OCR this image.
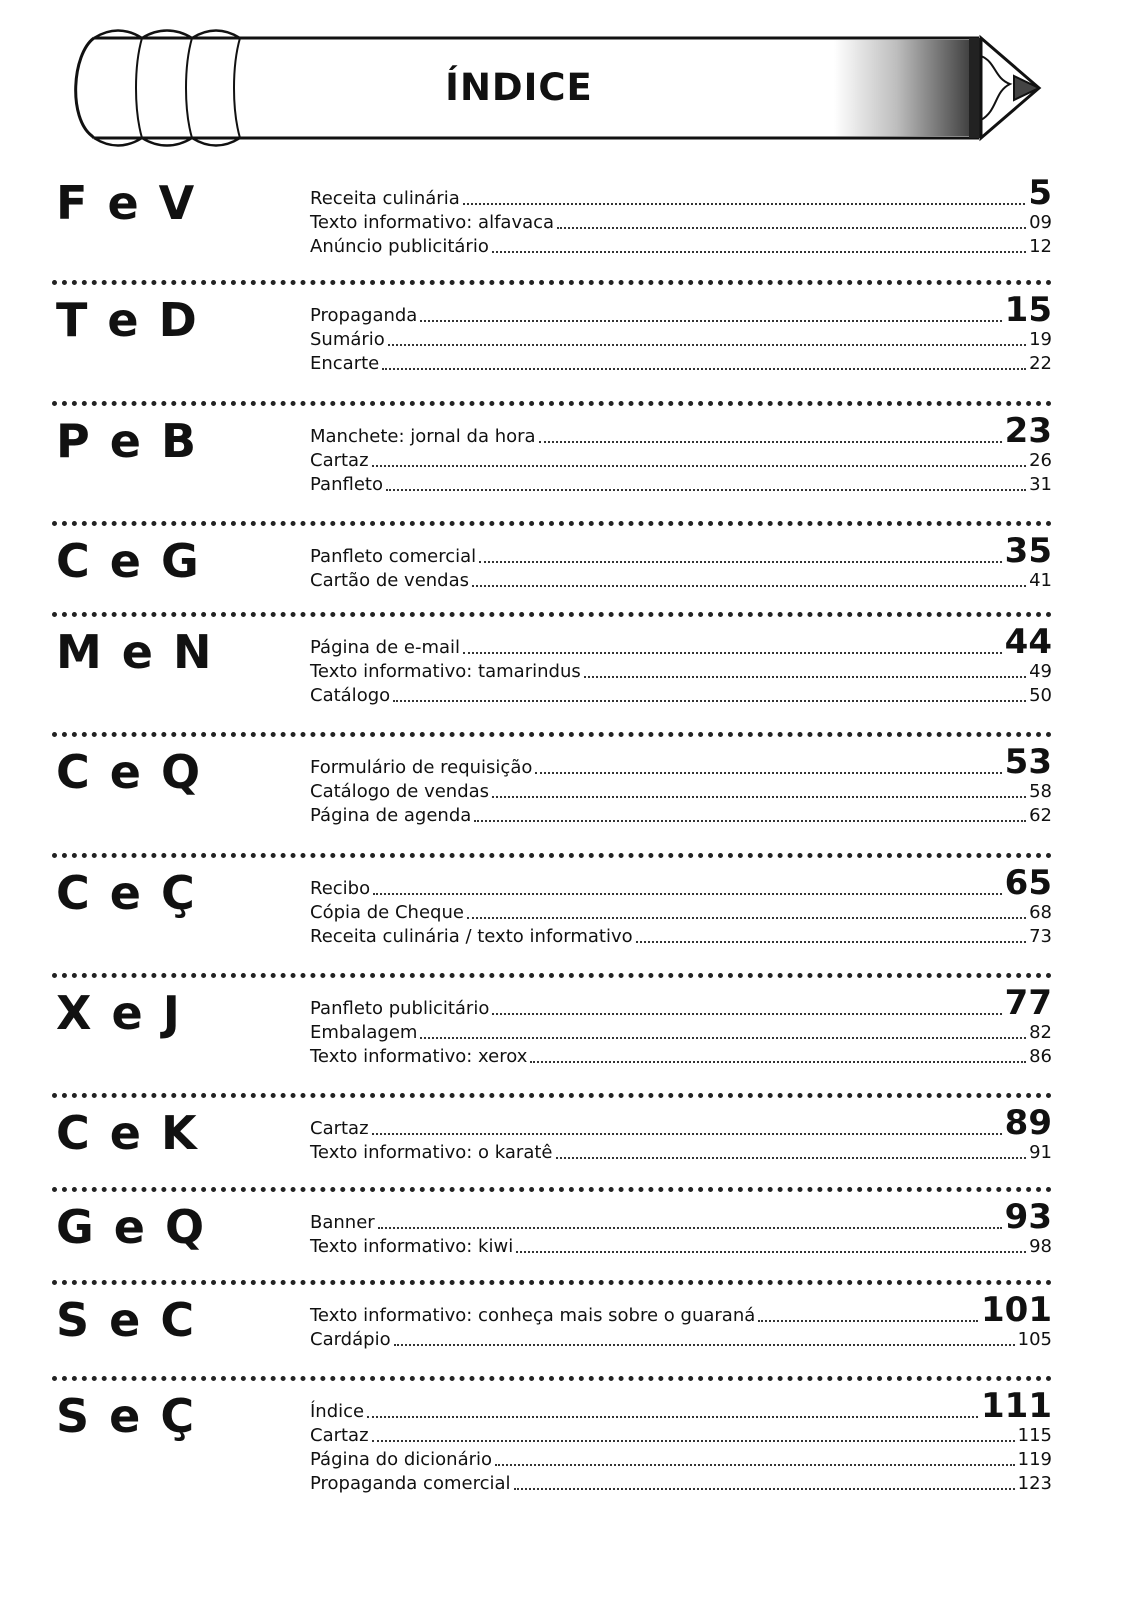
ÍNDICE
F e V	Receita culinária	5
Texto informativo: alfavaca	09
Anúncio publicitário	12
T e D	Propaganda	15
Sumário	19
Encarte	22
P e B	Manchete: jornal da hora	23
Cartaz	26
Panfleto	31
C e G	Panfleto comercial	35
Cartão de vendas	41
M e N	Página de e-mail	44
Texto informativo: tamarindus	49
Catálogo	50
C e Q	Formulário de requisição	53
Catálogo de vendas	58
Página de agenda	62
C e Ç	Recibo	65
Cópia de Cheque	68
Receita culinária / texto informativo	73
X e J	Panfleto publicitário	77
Embalagem	82
Texto informativo: xerox	86
C e K	Cartaz	89
Texto informativo: o karatê	91
G e Q	Banner	93
Texto informativo: kiwi	98
S e C	Texto informativo: conheça mais sobre o guaraná	101
Cardápio	105
S e Ç	Índice	111
Cartaz	115
Página do dicionário	119
Propaganda comercial	123
